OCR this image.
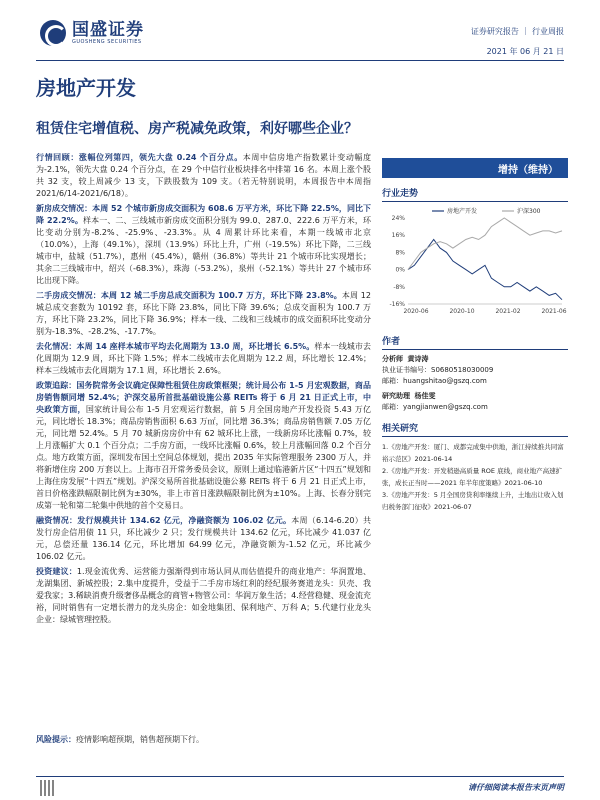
国盛证券
GUOSHENG SECURITIES
证券研究报告 ｜ 行业周报
2021 年 06 月 21 日
房地产开发
租赁住宅增值税、房产税减免政策，利好哪些企业？

行情回顾：涨幅位列第四，领先大盘 0.24 个百分点。本周中信房地产指数累计变动幅度为-2.1%，领先大盘 0.24 个百分点，在 29 个中信行业板块排名中排第 16 名。本周上涨个股共 32 支，较上周减少 13 支，下跌股数为 109 支。（若无特别说明，本周报告中本周指 2021/6/14-2021/6/18）。

新房成交情况：本周 52 个城市新房成交面积为 608.6 万平方米，环比下降 22.5%，同比下降 22.2%。样本一、二、三线城市新房成交面积分别为 99.0、287.0、222.6 万平方米，环比变动分别为-8.2%、-25.9%、-23.3%。从 4 周累计环比来看，本期一线城市北京（10.0%），上海（49.1%），深圳（13.9%）环比上升，广州（-19.5%）环比下降，二三线城市中，盐城（51.7%），惠州（45.4%），赣州（36.8%）等共计 21 个城市环比实现增长；其余二三线城市中，绍兴（-68.3%），珠海（-53.2%），泉州（-52.1%）等共计 27 个城市环比出现下降。

二手房成交情况：本周 12 城二手房总成交面积为 100.7 万方，环比下降 23.8%。本周 12 城总成交套数为 10192 套，环比下降 23.8%，同比下降 39.6%；总成交面积为 100.7 万方，环比下降 23.2%，同比下降 36.9%；样本一线、二线和三线城市的成交面积环比变动分别为-18.3%、-28.2%、-17.7%。

去化情况：本周 14 座样本城市平均去化周期为 13.0 周，环比增长 6.5%。样本一线城市去化周期为 12.9 周，环比下降 1.5%；样本二线城市去化周期为 12.2 周，环比增长 12.4%；样本三线城市去化周期为 17.1 周，环比增长 2.6%。

政策追踪：国务院常务会议确定保障性租赁住房政策框架；统计局公布 1-5 月宏观数据，商品房销售额同增 52.4%；沪深交易所首批基础设施公募 REITs 将于 6 月 21 日正式上市，中央政策方面，国家统计局公布 1-5 月宏观运行数据，前 5 月全国房地产开发投资 5.43 万亿元，同比增长 18.3%；商品房销售面积 6.63 万㎡，同比增 36.3%；商品房销售额 7.05 万亿元，同比增 52.4%。5 月 70 城新房房价中有 62 城环比上涨，一线新房环比涨幅 0.7%，较上月涨幅扩大 0.1 个百分点；二手房方面，一线环比涨幅 0.6%，较上月涨幅回落 0.2 个百分点。地方政策方面，深圳发布国土空间总体规划，提出 2035 年实际管理服务 2300 万人，并将新增住房 200 万套以上。上海市召开常务委员会议，原则上通过临港新片区“十四五”规划和上海住房发展“十四五”规划。沪深交易所首批基础设施公募 REITs 将于 6 月 21 日正式上市，首日价格涨跌幅限制比例为±30%，非上市首日涨跌幅限制比例为±10%。上海、长春分别完成第一轮和第二轮集中供地的首个交易日。

融资情况：发行规模共计 134.62 亿元，净融资额为 106.02 亿元。本周（6.14-6.20）共发行房企信用债 11 只，环比减少 2 只；发行规模共计 134.62 亿元，环比减少 41.037 亿元，总偿还量 136.14 亿元，环比增加 64.99 亿元，净融资额为-1.52 亿元，环比减少 106.02 亿元。

投资建议：1.现金流优秀、运营能力强渐得到市场认同从而估值提升的商业地产：华润置地、龙湖集团、新城控股；2.集中度提升，受益于二手房市场红利的经纪服务赛道龙头：贝壳、我爱我家；3.稀缺消费升级奢侈品概念的商管+物管公司：华润万象生活；4.经营稳健、现金流充裕，同时销售有一定增长潜力的龙头房企：如金地集团、保利地产、万科 A；5.代建行业龙头企业：绿城管理控股。

增持（维持）
行业走势
24%
16%
8%
0%
-8%
-16%
2020-06	2020-10	2021-02	2021-06
房地产开发	沪深300
作者
分析师 黄诗涛
执业证书编号：S0680518030009
邮箱：huangshitao@gszq.com
研究助理 杨佳雯
邮箱：yangjianwen@gszq.com
相关研究
1.《房地产开发：厦门、成都完成集中供地，浙江持续推共同富裕示范区》2021-06-14
2.《房地产开发：开发稍逊高质量 ROE 底线，商业地产高速扩张，成长正当时——2021 年半年度策略》2021-06-10
3.《房地产开发：5 月全国房贷利率继续上升，土地出让收入划归税务部门征收》2021-06-07
风险提示：疫情影响超预期，销售超预期下行。
请仔细阅读本报告末页声明
